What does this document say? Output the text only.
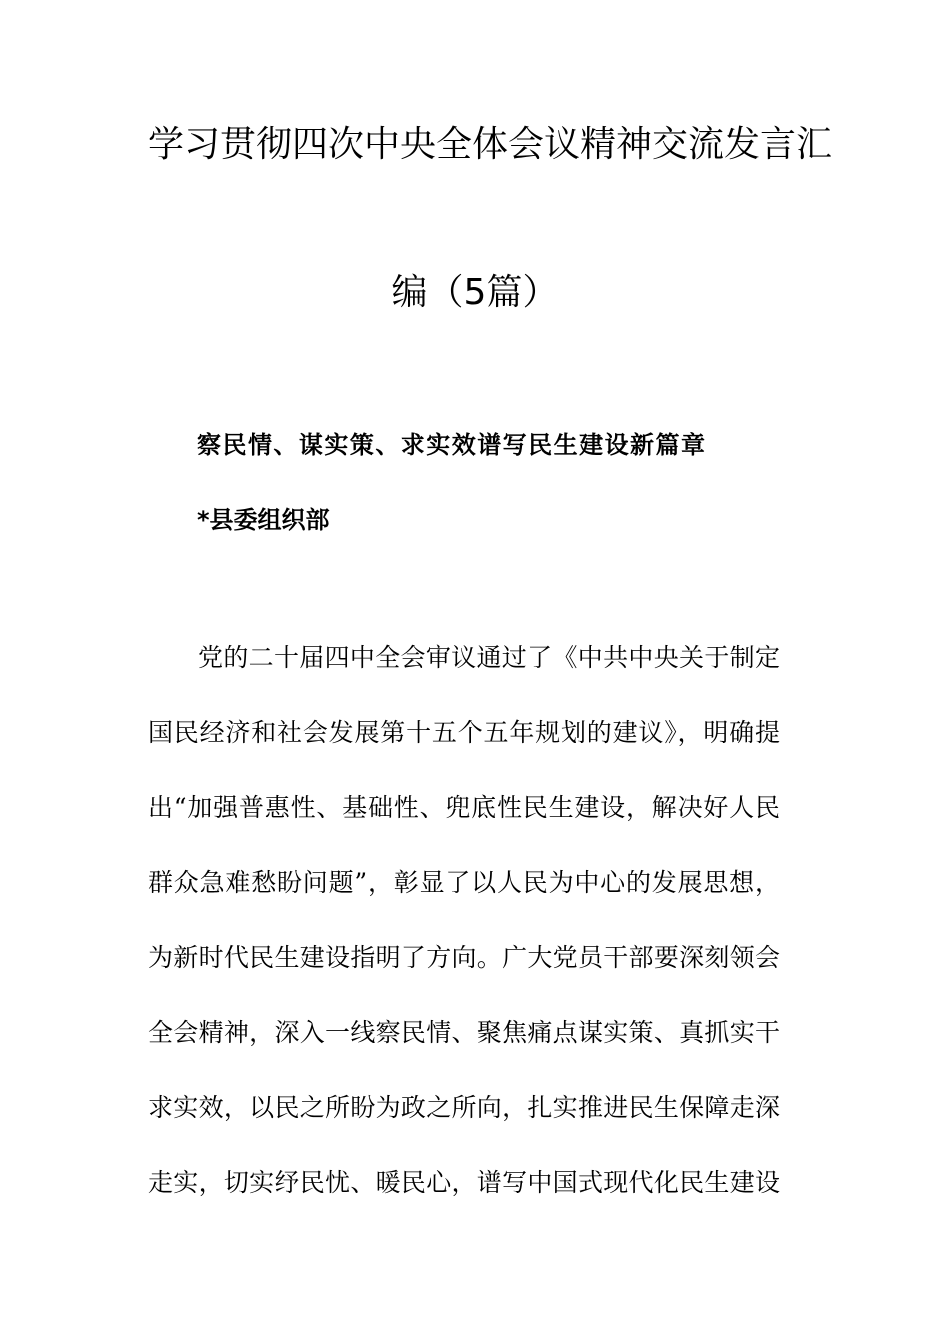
学习贯彻四次中央全体会议精神交流发言汇
编（5篇）
察民情、谋实策、求实效谱写民生建设新篇章
*县委组织部
党的二十届四中全会审议通过了《中共中央关于制定
国民经济和社会发展第十五个五年规划的建议》，明确提
出“加强普惠性、基础性、兜底性民生建设，解决好人民
群众急难愁盼问题”，彰显了以人民为中心的发展思想，
为新时代民生建设指明了方向。广大党员干部要深刻领会
全会精神，深入一线察民情、聚焦痛点谋实策、真抓实干
求实效，以民之所盼为政之所向，扎实推进民生保障走深
走实，切实纾民忧、暖民心，谱写中国式现代化民生建设
